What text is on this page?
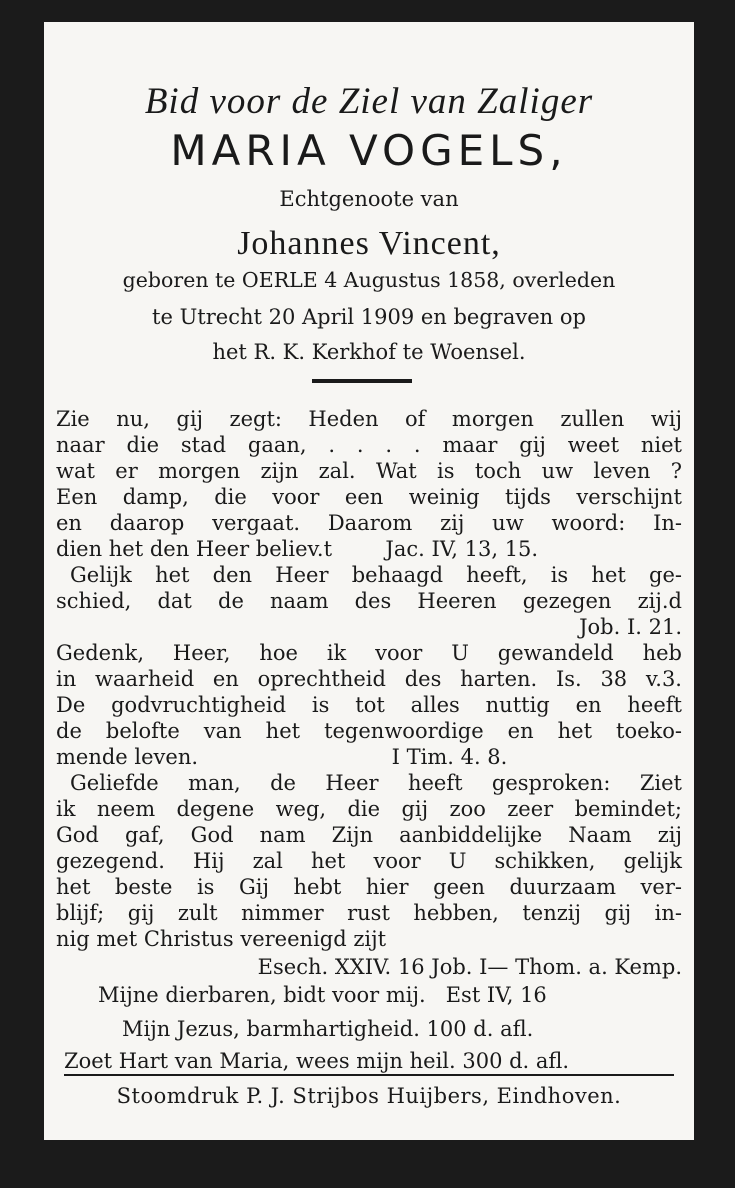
Bid voor de Ziel van Zaliger
MARIA VOGELS,
Echtgenoote van
Johannes Vincent,
geboren te OERLE 4 Augustus 1858, overleden
te Utrecht 20 April 1909 en begraven op
het R. K. Kerkhof te Woensel.
Zie nu, gij zegt: Heden of morgen zullen wij
naar die stad gaan, . . . . maar gij weet niet
wat er morgen zijn zal. Wat is toch uw leven ?
Een damp, die voor een weinig tijds verschijnt
en daarop vergaat. Daarom zij uw woord: In-
dien het den Heer believ.t        Jac. IV, 13, 15.
Gelijk het den Heer behaagd heeft, is het ge-
schied, dat de naam des Heeren gezegen zij.d
Job. I. 21.
Gedenk, Heer, hoe ik voor U gewandeld heb
in waarheid en oprechtheid des harten. Is. 38 v.3.
De godvruchtigheid is tot alles nuttig en heeft
de belofte van het tegenwoordige en het toeko-
mende leven.                             I Tim. 4. 8.
Geliefde man, de Heer heeft gesproken: Ziet
ik neem degene weg, die gij zoo zeer bemindet;
God gaf, God nam Zijn aanbiddelijke Naam zij
gezegend. Hij zal het voor U schikken, gelijk
het beste is Gij hebt hier geen duurzaam ver-
blijf; gij zult nimmer rust hebben, tenzij gij in-
nig met Christus vereenigd zijt
Esech. XXIV. 16 Job. I— Thom. a. Kemp.
Mijne dierbaren, bidt voor mij.   Est IV, 16
Mijn Jezus, barmhartigheid. 100 d. afl.
Zoet Hart van Maria, wees mijn heil. 300 d. afl.
Stoomdruk P. J. Strijbos Huijbers, Eindhoven.
